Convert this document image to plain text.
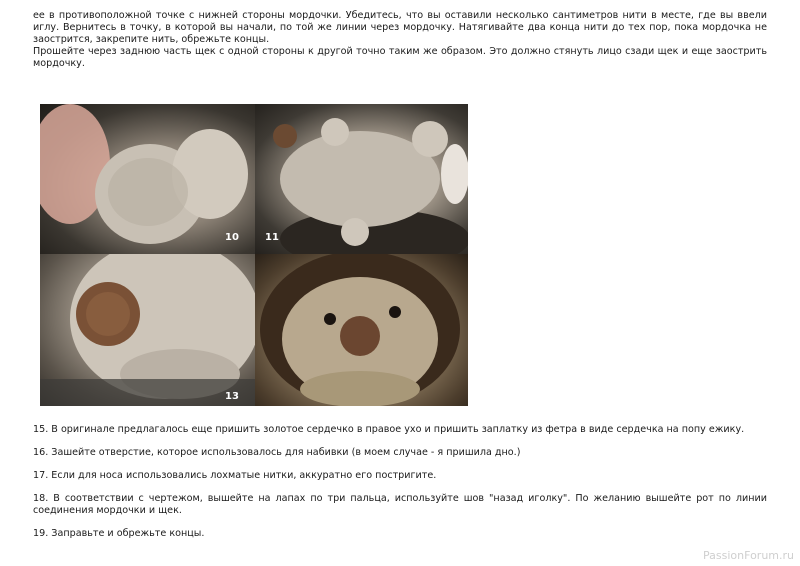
ее в противоположной точке с нижней стороны мордочки. Убедитесь, что вы оставили несколько сантиметров нити в месте, где вы ввели иглу. Вернитесь в точку, в которой вы начали, по той же линии через мордочку. Натягивайте два конца нити до тех пор, пока мордочка не заострится, закрепите нить, обрежьте концы.

Прошейте через заднюю часть щек с одной стороны к другой точно таким же образом. Это должно стянуть лицо сзади щек и еще заострить мордочку.

10	11
13

15. В оригинале предлагалось еще пришить золотое сердечко в правое ухо и пришить заплатку из фетра в виде сердечка на попу ежику.

16. Зашейте отверстие, которое использовалось для набивки (в моем случае - я пришила дно.)

17. Если для носа использовались лохматые нитки, аккуратно его постригите.

18. В соответствии с чертежом, вышейте на лапах по три пальца, используйте шов "назад иголку". По желанию вышейте рот по линии соединения мордочки и щек.

19. Заправьте и обрежьте концы.

PassionForum.ru
